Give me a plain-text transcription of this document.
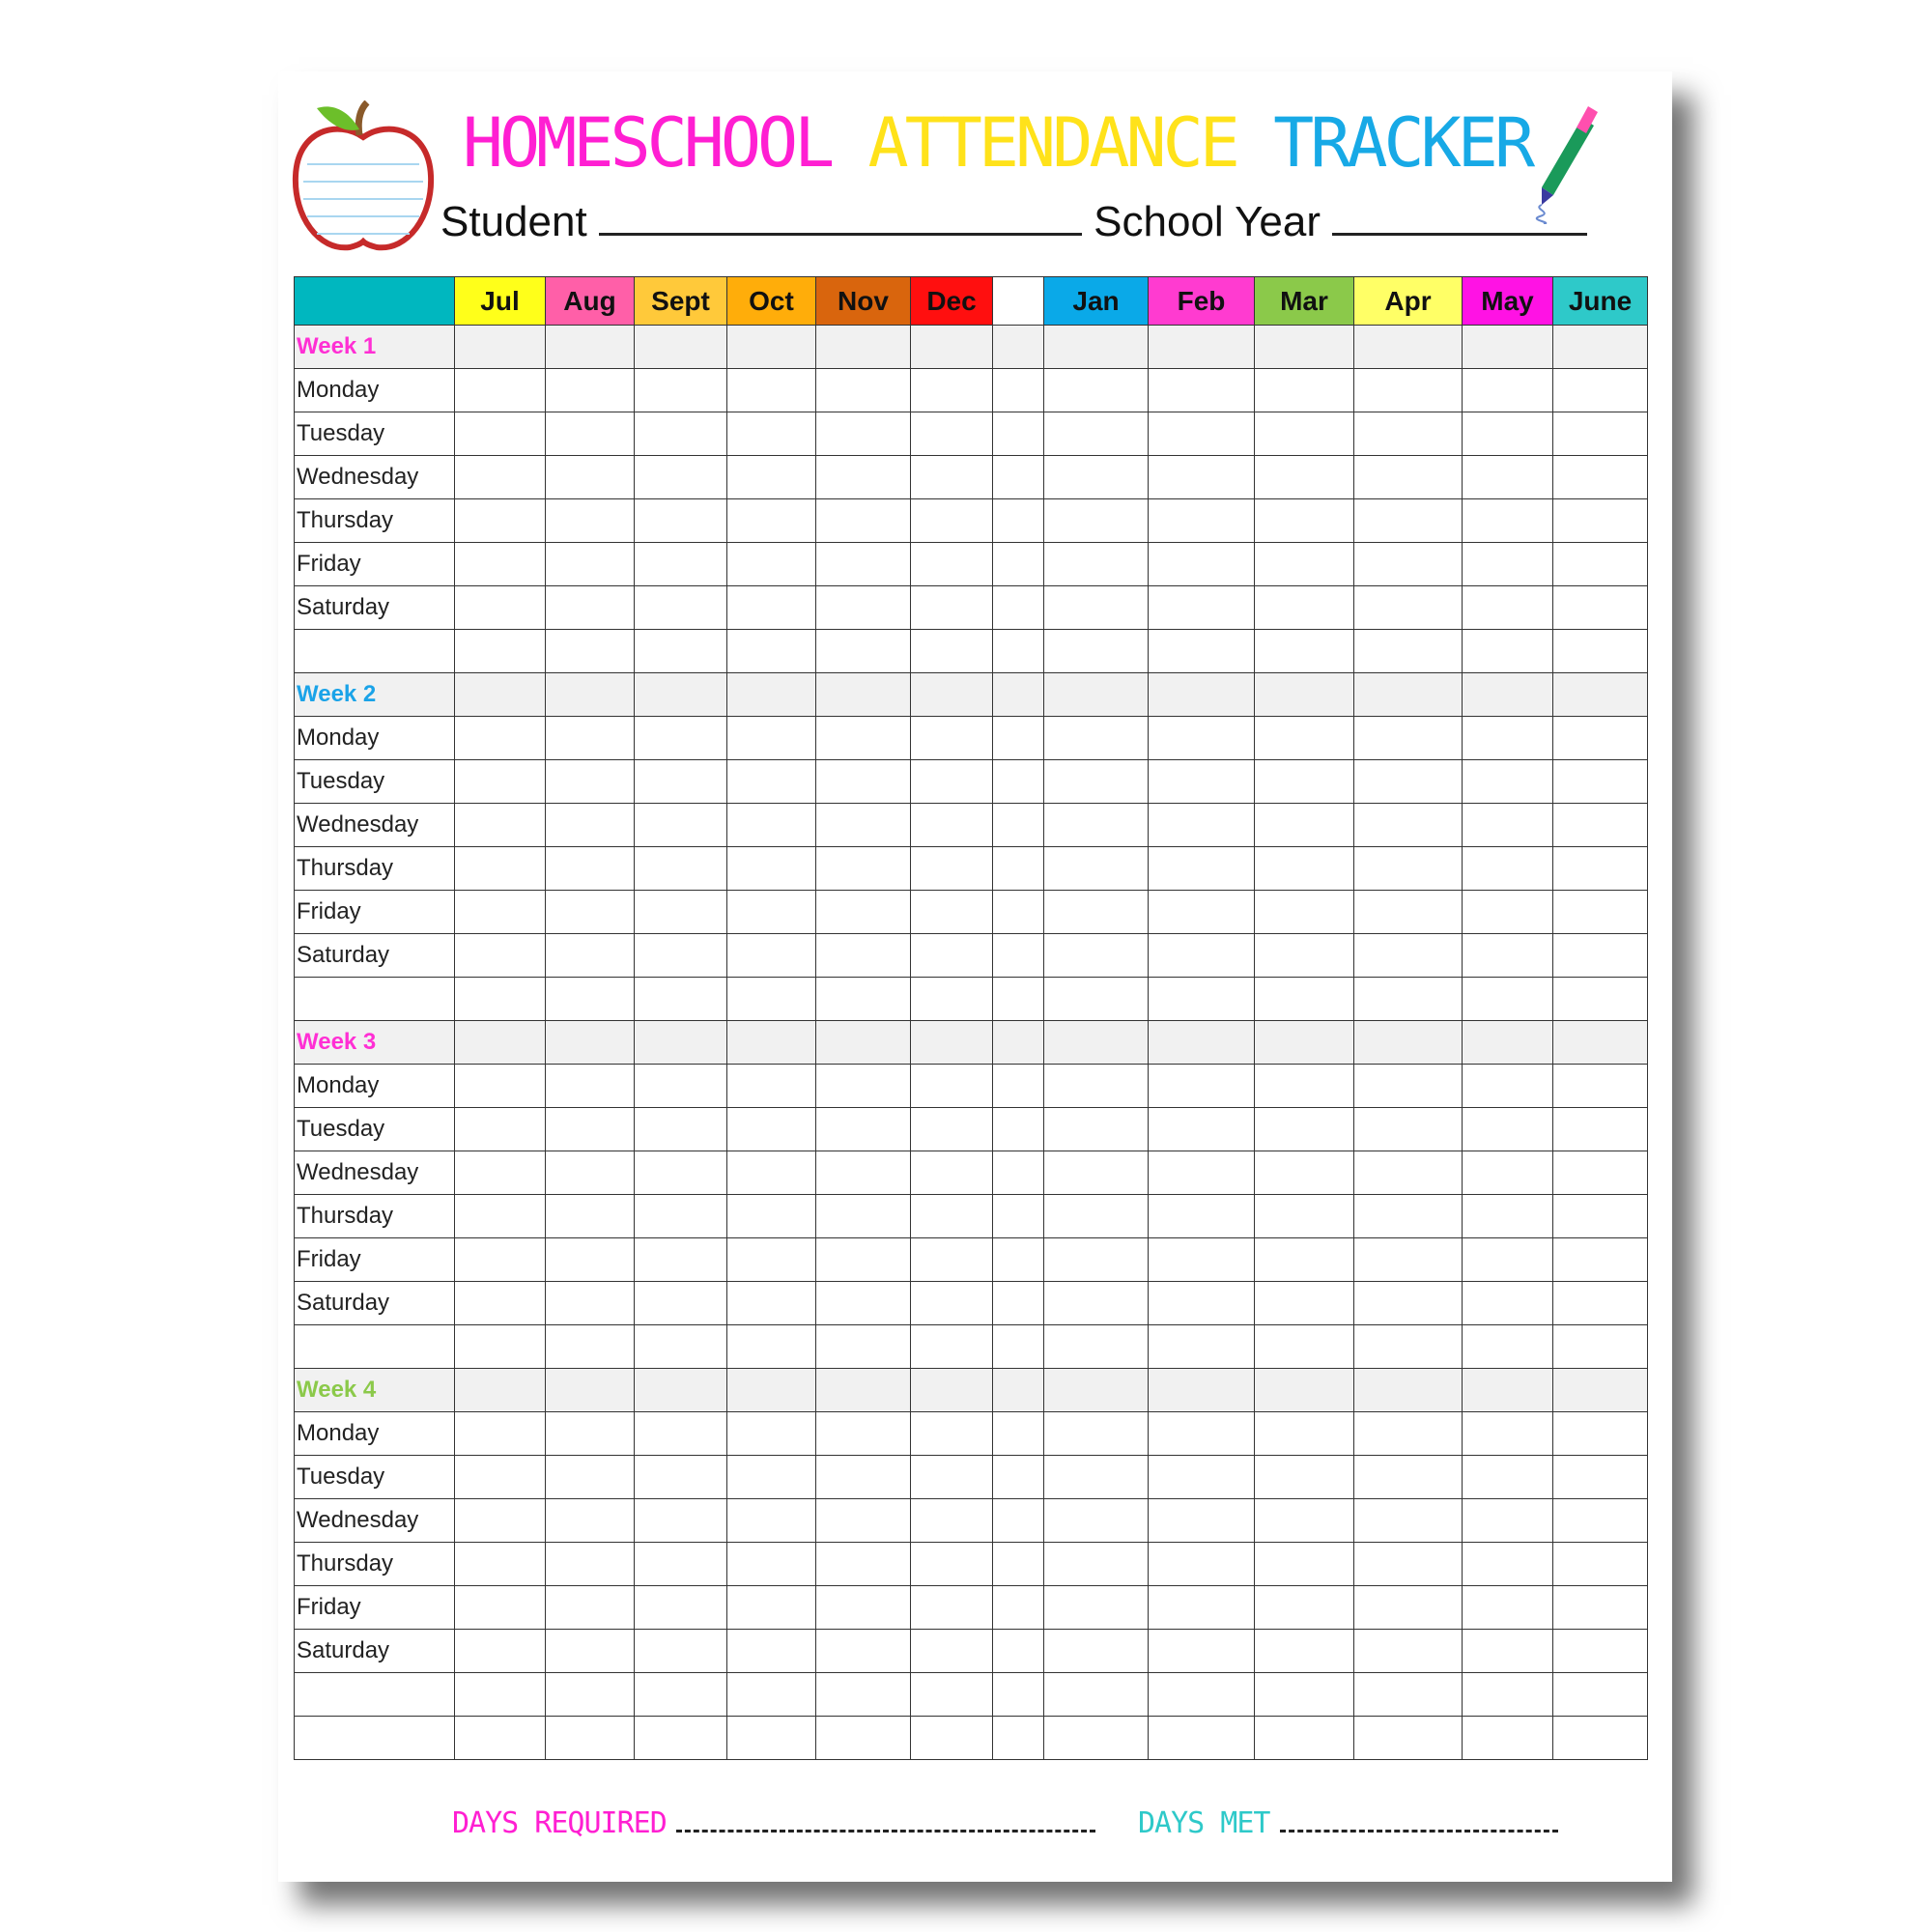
HOMESCHOOL ATTENDANCE TRACKER
Student	School Year
	Jul	Aug	Sept	Oct	Nov	Dec		Jan	Feb	Mar	Apr	May	June
Week 1													
Monday													
Tuesday													
Wednesday													
Thursday													
Friday													
Saturday													

Week 2													
Monday													
Tuesday													
Wednesday													
Thursday													
Friday													
Saturday													

Week 3													
Monday													
Tuesday													
Wednesday													
Thursday													
Friday													
Saturday													

Week 4													
Monday													
Tuesday													
Wednesday													
Thursday													
Friday													
Saturday													

DAYS REQUIRED	DAYS MET
